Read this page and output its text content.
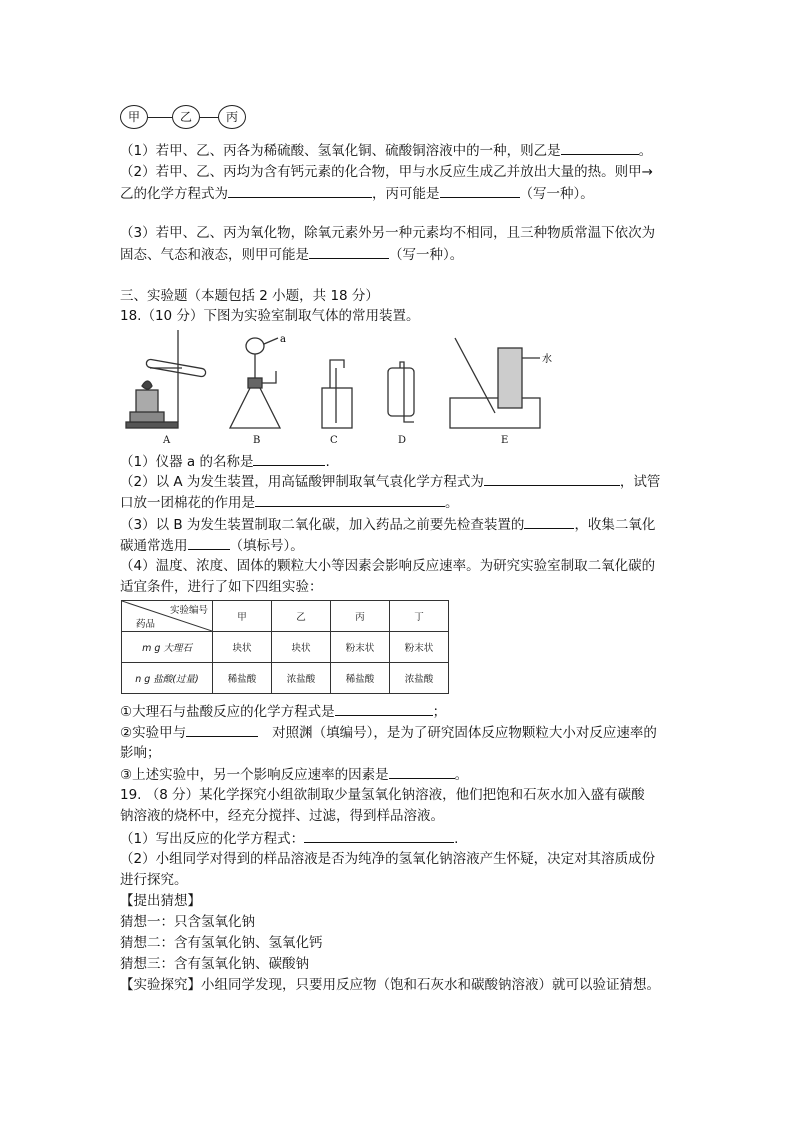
甲	乙	丙
（1）若甲、乙、丙各为稀硫酸、氢氧化铜、硫酸铜溶液中的一种，则乙是	。
（2）若甲、乙、丙均为含有钙元素的化合物，甲与水反应生成乙并放出大量的热。则甲→
乙的化学方程式为	，丙可能是	（写一种）。
（3）若甲、乙、丙为氧化物，除氧元素外另一种元素均不相同，且三种物质常温下依次为
固态、气态和液态，则甲可能是	（写一种）。
三、实验题（本题包括 2 小题，共 18 分）
18.（10 分）下图为实验室制取气体的常用装置。
a
水
A	B	C	D	E
（1）仪器 a 的名称是	.
（2）以 A 为发生装置，用高锰酸钾制取氧气袁化学方程式为	，试管
口放一团棉花的作用是	。
（3）以 B 为发生装置制取二氧化碳，加入药品之前要先检查装置的	，收集二氧化
碳通常选用	（填标号）。
（4）温度、浓度、固体的颗粒大小等因素会影响反应速率。为研究实验室制取二氧化碳的
适宜条件，进行了如下四组实验：
实验编号
药品	甲	乙	丙	丁
m g 大理石	块状	块状	粉末状	粉末状
n g 盐酸(过量)	稀盐酸	浓盐酸	稀盐酸	浓盐酸
①大理石与盐酸反应的化学方程式是	；
②实验甲与	对照渊（填编号），是为了研究固体反应物颗粒大小对反应速率的
影响；
③上述实验中，另一个影响反应速率的因素是	。
19. （8 分）某化学探究小组欲制取少量氢氧化钠溶液，他们把饱和石灰水加入盛有碳酸
钠溶液的烧杯中，经充分搅拌、过滤，得到样品溶液。
（1）写出反应的化学方程式：	.
（2）小组同学对得到的样品溶液是否为纯净的氢氧化钠溶液产生怀疑，决定对其溶质成份
进行探究。
【提出猜想】
猜想一：只含氢氧化钠
猜想二：含有氢氧化钠、氢氧化钙
猜想三：含有氢氧化钠、碳酸钠
【实验探究】小组同学发现，只要用反应物（饱和石灰水和碳酸钠溶液）就可以验证猜想。
